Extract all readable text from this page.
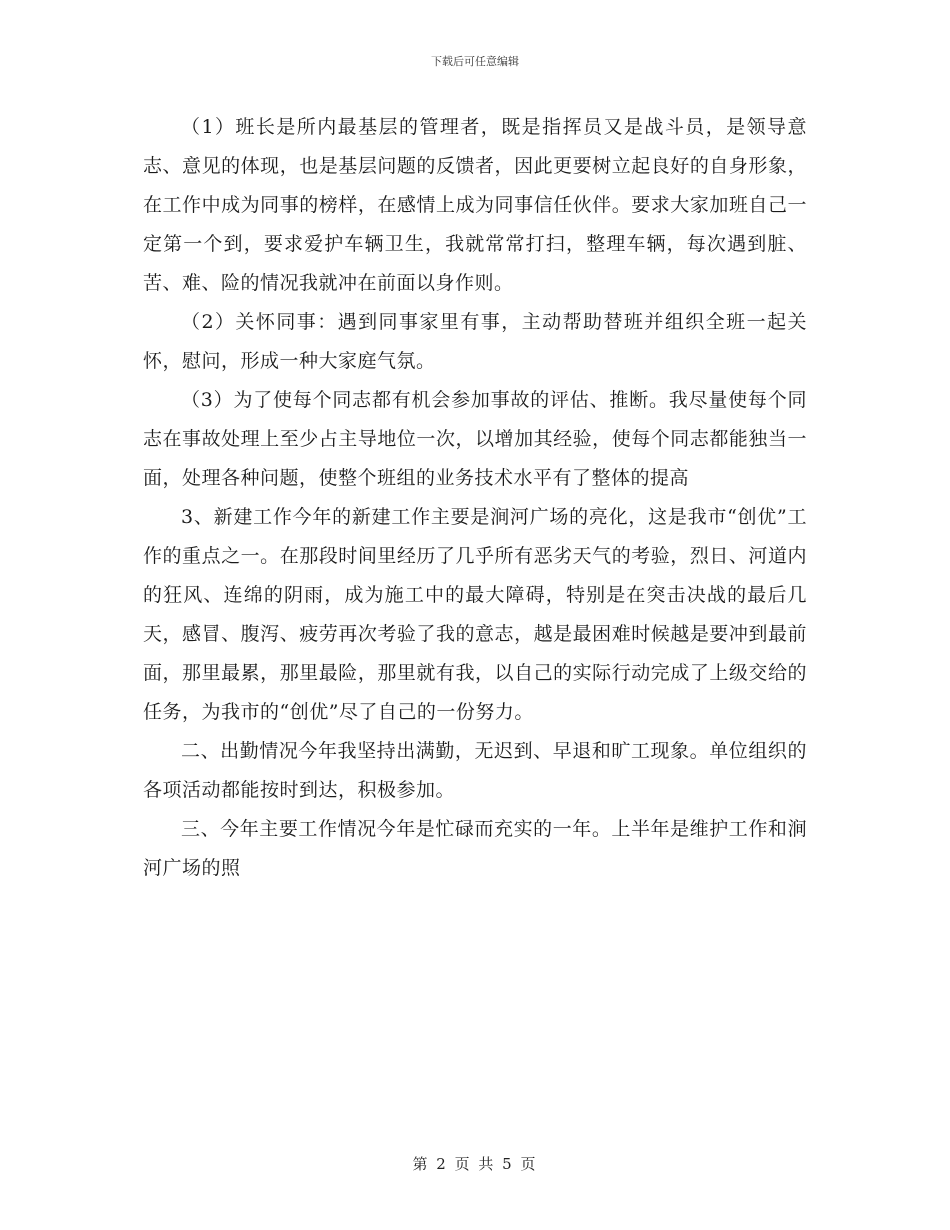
下载后可任意编辑

（1）班长是所内最基层的管理者，既是指挥员又是战斗员，是领导意志、意见的体现，也是基层问题的反馈者，因此更要树立起良好的自身形象，在工作中成为同事的榜样，在感情上成为同事信任伙伴。要求大家加班自己一定第一个到，要求爱护车辆卫生，我就常常打扫，整理车辆，每次遇到脏、苦、难、险的情况我就冲在前面以身作则。

（2）关怀同事：遇到同事家里有事，主动帮助替班并组织全班一起关怀，慰问，形成一种大家庭气氛。

（3）为了使每个同志都有机会参加事故的评估、推断。我尽量使每个同志在事故处理上至少占主导地位一次，以增加其经验，使每个同志都能独当一面，处理各种问题，使整个班组的业务技术水平有了整体的提高

3、新建工作今年的新建工作主要是涧河广场的亮化，这是我市“创优”工作的重点之一。在那段时间里经历了几乎所有恶劣天气的考验，烈日、河道内的狂风、连绵的阴雨，成为施工中的最大障碍，特别是在突击决战的最后几天，感冒、腹泻、疲劳再次考验了我的意志，越是最困难时候越是要冲到最前面，那里最累，那里最险，那里就有我，以自己的实际行动完成了上级交给的任务，为我市的“创优”尽了自己的一份努力。

二、出勤情况今年我坚持出满勤，无迟到、早退和旷工现象。单位组织的各项活动都能按时到达，积极参加。

三、今年主要工作情况今年是忙碌而充实的一年。上半年是维护工作和涧河广场的照

第 2 页 共 5 页
